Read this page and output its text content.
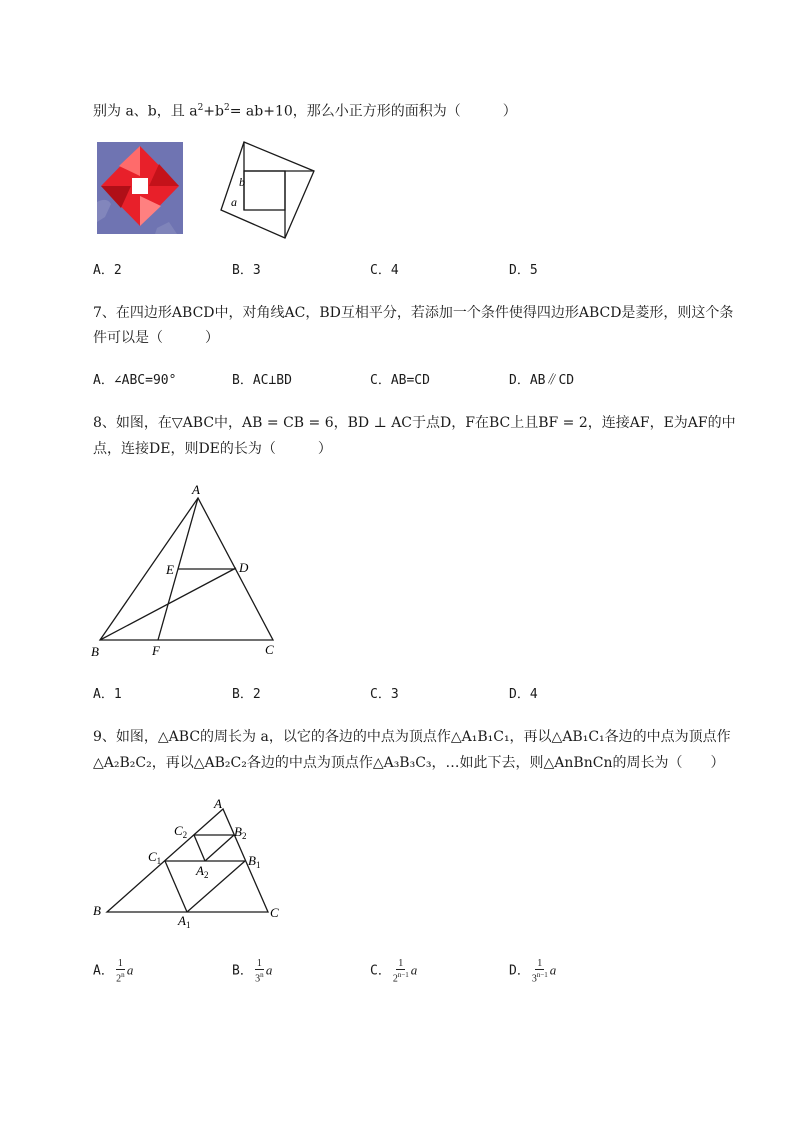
别为 a、b，且 $a^2+b^2= ab+10$，那么小正方形的面积为（　　　）
b
a
A．2	B．3	C．4	D．5
7、在四边形ABCD中，对角线AC，BD互相平分，若添加一个条件使得四边形ABCD是菱形，则这个条
件可以是（　　　）
A．∠ABC=90°	B．AC⊥BD	C．AB=CD	D．AB∥CD
8、如图，在▽ABC中，AB = CB = 6，BD ⊥ AC于点D，F在BC上且BF = 2，连接AF，E为AF的中
点，连接DE，则DE的长为（　　　）
A
B	C
D
E
F
A．1	B．2	C．3	D．4
9、如图，△ABC的周长为 a，以它的各边的中点为顶点作△A₁B₁C₁，再以△AB₁C₁各边的中点为顶点作
△A₂B₂C₂，再以△AB₂C₂各边的中点为顶点作△A₃B₃C₃，…如此下去，则△AnBnCn的周长为（　　）
A
B	C
$C_1$	$B_1$
$A_1$
$C_2$	$B_2$
$A_2$
A． $\frac{1}{2^n}$ a	B． $\frac{1}{3^n}$ a	C． $\frac{1}{2^{n-1}}$ a	D． $\frac{1}{3^{n-1}}$ a
